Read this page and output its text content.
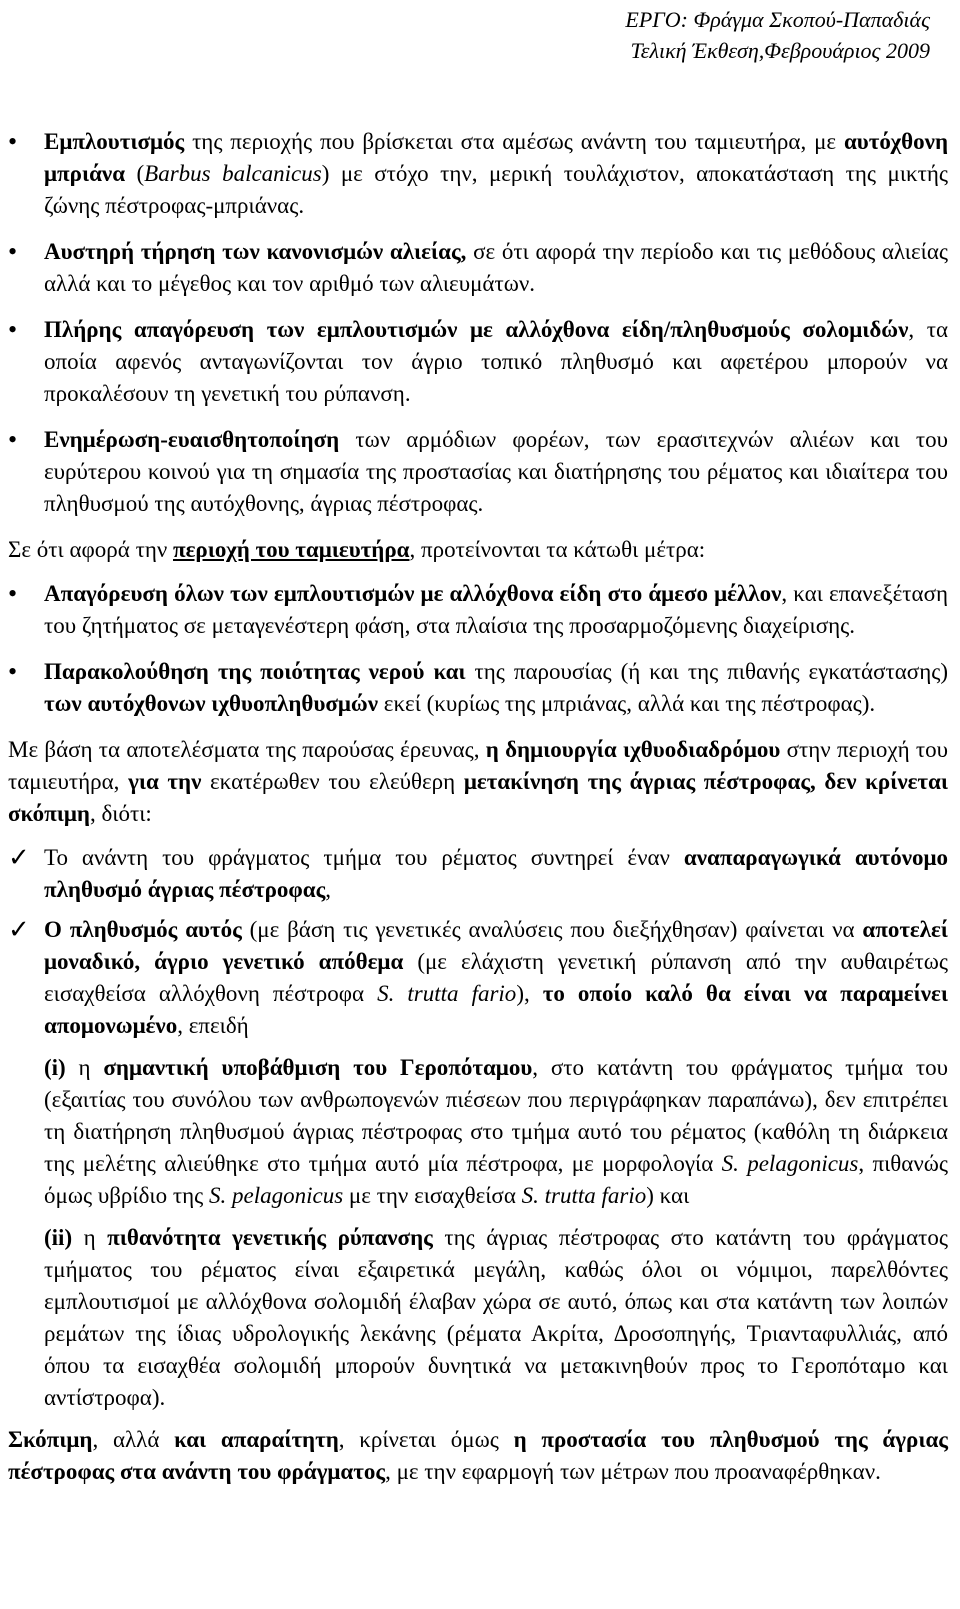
ΕΡΓΟ: Φράγμα Σκοπού-Παπαδιάς
Τελική Έκθεση,Φεβρουάριος 2009
• Εμπλουτισμός της περιοχής που βρίσκεται στα αμέσως ανάντη του ταμιευτήρα, με αυτόχθονη μπριάνα (Barbus balcanicus) με στόχο την, μερική τουλάχιστον, αποκατάσταση της μικτής ζώνης πέστροφας-μπριάνας.
• Αυστηρή τήρηση των κανονισμών αλιείας, σε ότι αφορά την περίοδο και τις μεθόδους αλιείας αλλά και το μέγεθος και τον αριθμό των αλιευμάτων.
• Πλήρης απαγόρευση των εμπλουτισμών με αλλόχθονα είδη/πληθυσμούς σολομιδών, τα οποία αφενός ανταγωνίζονται τον άγριο τοπικό πληθυσμό και αφετέρου μπορούν να προκαλέσουν τη γενετική του ρύπανση.
• Ενημέρωση-ευαισθητοποίηση των αρμόδιων φορέων, των ερασιτεχνών αλιέων και του ευρύτερου κοινού για τη σημασία της προστασίας και διατήρησης του ρέματος και ιδιαίτερα του πληθυσμού της αυτόχθονης, άγριας πέστροφας.

Σε ότι αφορά την περιοχή του ταμιευτήρα, προτείνονται τα κάτωθι μέτρα:

• Απαγόρευση όλων των εμπλουτισμών με αλλόχθονα είδη στο άμεσο μέλλον, και επανεξέταση του ζητήματος σε μεταγενέστερη φάση, στα πλαίσια της προσαρμοζόμενης διαχείρισης.
• Παρακολούθηση της ποιότητας νερού και της παρουσίας (ή και της πιθανής εγκατάστασης) των αυτόχθονων ιχθυοπληθυσμών εκεί (κυρίως της μπριάνας, αλλά και της πέστροφας).

Με βάση τα αποτελέσματα της παρούσας έρευνας, η δημιουργία ιχθυοδιαδρόμου στην περιοχή του ταμιευτήρα, για την εκατέρωθεν του ελεύθερη μετακίνηση της άγριας πέστροφας, δεν κρίνεται σκόπιμη, διότι:

✓ Το ανάντη του φράγματος τμήμα του ρέματος συντηρεί έναν αναπαραγωγικά αυτόνομο πληθυσμό άγριας πέστροφας,
✓ Ο πληθυσμός αυτός (με βάση τις γενετικές αναλύσεις που διεξήχθησαν) φαίνεται να αποτελεί μοναδικό, άγριο γενετικό απόθεμα (με ελάχιστη γενετική ρύπανση από την αυθαιρέτως εισαχθείσα αλλόχθονη πέστροφα S. trutta fario), το οποίο καλό θα είναι να παραμείνει απομονωμένο, επειδή

(i) η σημαντική υποβάθμιση του Γεροπόταμου, στο κατάντη του φράγματος τμήμα του (εξαιτίας του συνόλου των ανθρωπογενών πιέσεων που περιγράφηκαν παραπάνω), δεν επιτρέπει τη διατήρηση πληθυσμού άγριας πέστροφας στο τμήμα αυτό του ρέματος (καθόλη τη διάρκεια της μελέτης αλιεύθηκε στο τμήμα αυτό μία πέστροφα, με μορφολογία S. pelagonicus, πιθανώς όμως υβρίδιο της S. pelagonicus με την εισαχθείσα S. trutta fario) και

(ii) η πιθανότητα γενετικής ρύπανσης της άγριας πέστροφας στο κατάντη του φράγματος τμήματος του ρέματος είναι εξαιρετικά μεγάλη, καθώς όλοι οι νόμιμοι, παρελθόντες εμπλουτισμοί με αλλόχθονα σολομιδή έλαβαν χώρα σε αυτό, όπως και στα κατάντη των λοιπών ρεμάτων της ίδιας υδρολογικής λεκάνης (ρέματα Ακρίτα, Δροσοπηγής, Τριανταφυλλιάς, από όπου τα εισαχθέα σολομιδή μπορούν δυνητικά να μετακινηθούν προς το Γεροπόταμο και αντίστροφα).

Σκόπιμη, αλλά και απαραίτητη, κρίνεται όμως η προστασία του πληθυσμού της άγριας πέστροφας στα ανάντη του φράγματος, με την εφαρμογή των μέτρων που προαναφέρθηκαν.
